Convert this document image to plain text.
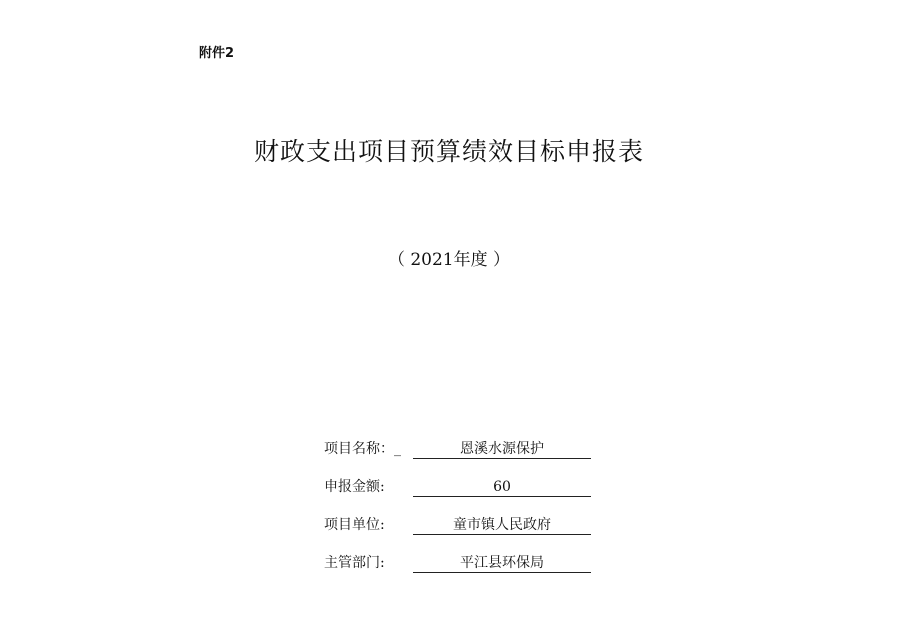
附件2
财政支出项目预算绩效目标申报表
（ 2021年度 ）
项目名称：_	恩溪水源保护
申报金额:	60
项目单位:	童市镇人民政府
主管部门:	平江县环保局
